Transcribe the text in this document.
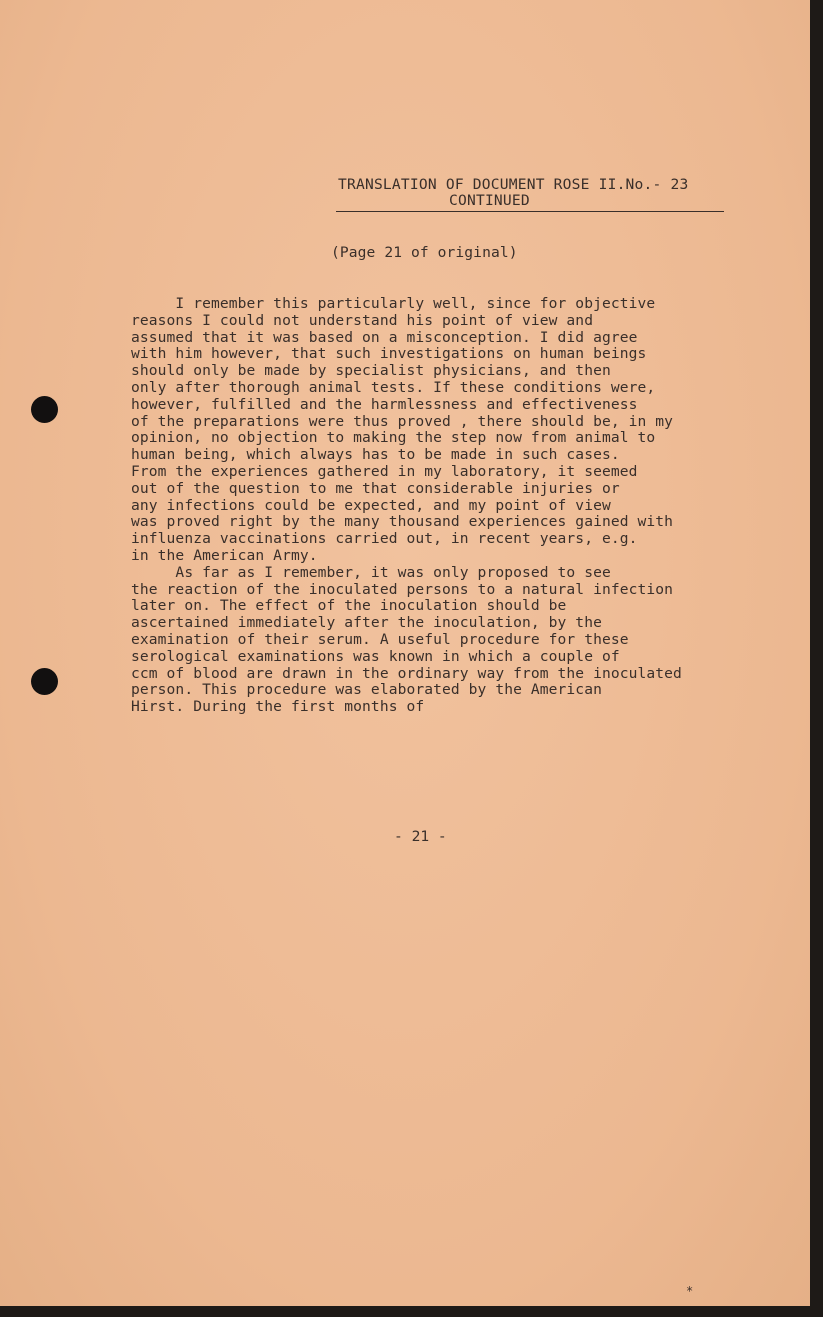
TRANSLATION OF DOCUMENT ROSE II.No.- 23

CONTINUED

(Page 21 of original)

I remember this particularly well, since for objective
reasons I could not understand his point of view and
assumed that it was based on a misconception. I did agree
with him however, that such investigations on human beings
should only be made by specialist physicians, and then
only after thorough animal tests. If these conditions were,
however, fulfilled and the harmlessness and effectiveness
of the preparations were thus proved , there should be, in my
opinion, no objection to making the step now from animal to
human being, which always has to be made in such cases.
From the experiences gathered in my laboratory, it seemed
out of the question to me that considerable injuries or
any infections could be expected, and my point of view
was proved right by the many thousand experiences gained with
influenza vaccinations carried out, in recent years, e.g.
in the American Army.
As far as I remember, it was only proposed to see
the reaction of the inoculated persons to a natural infection
later on. The effect of the inoculation should be
ascertained immediately after the inoculation, by the
examination of their serum. A useful procedure for these
serological examinations was known in which a couple of
ccm of blood are drawn in the ordinary way from the inoculated
person. This procedure was elaborated by the American
Hirst. During the first months of

- 21 -

*
